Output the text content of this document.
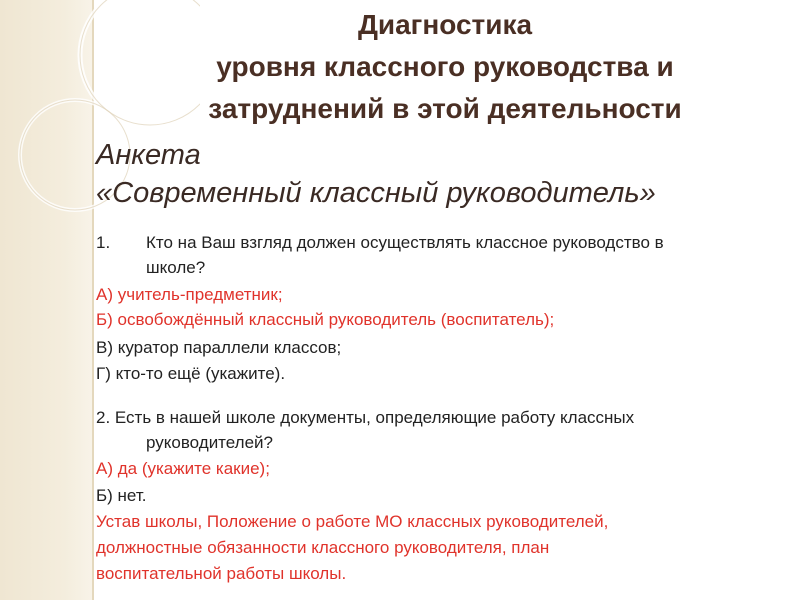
Диагностика
уровня классного руководства и
затруднений в этой деятельности
Анкета
«Современный классный руководитель»
1. Кто на Ваш взгляд должен осуществлять классное руководство в
школе?
А) учитель-предметник;
Б) освобождённый классный руководитель (воспитатель);
В) куратор параллели классов;
Г) кто-то ещё (укажите).
2. Есть в нашей школе документы, определяющие работу классных
руководителей?
А) да (укажите какие);
Б) нет.
Устав школы, Положение о работе МО классных руководителей,
должностные обязанности классного руководителя, план
воспитательной работы школы.
